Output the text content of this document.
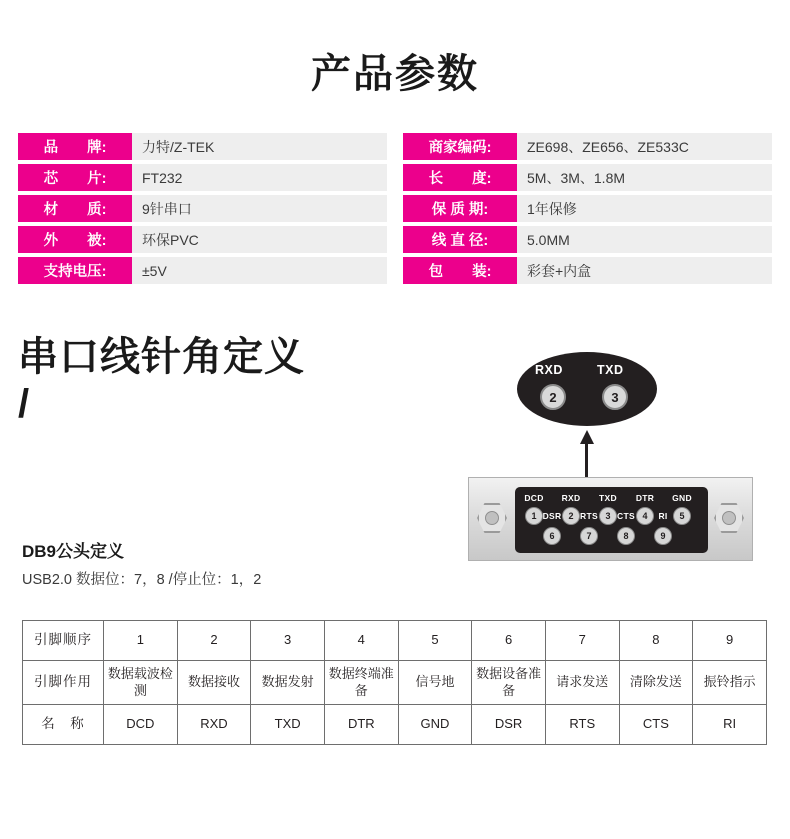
产品参数
品　　牌:	力特/Z-TEK
芯　　片:	FT232
材　　质:	9针串口
外　　被:	环保PVC
支持电压:	±5V
商家编码:	ZE698、ZE656、ZE533C
长　　度:	5M、3M、1.8M
保 质 期:	1年保修
线 直 径:	5.0MM
包　　装:	彩套+内盒
串口线针角定义
/
RXD	TXD
2	3
DCD	RXD	TXD	DTR	GND
1	2	3	4	5
DSR	RTS	CTS	RI
6	7	8	9
DB9公头定义
USB2.0 数据位：7，8 /停止位：1，2
引脚顺序	1	2	3	4	5	6	7	8	9
引脚作用	数据载波检测	数据接收	数据发射	数据终端准备	信号地	数据设备准备	请求发送	清除发送	振铃指示
名　称	DCD	RXD	TXD	DTR	GND	DSR	RTS	CTS	RI
